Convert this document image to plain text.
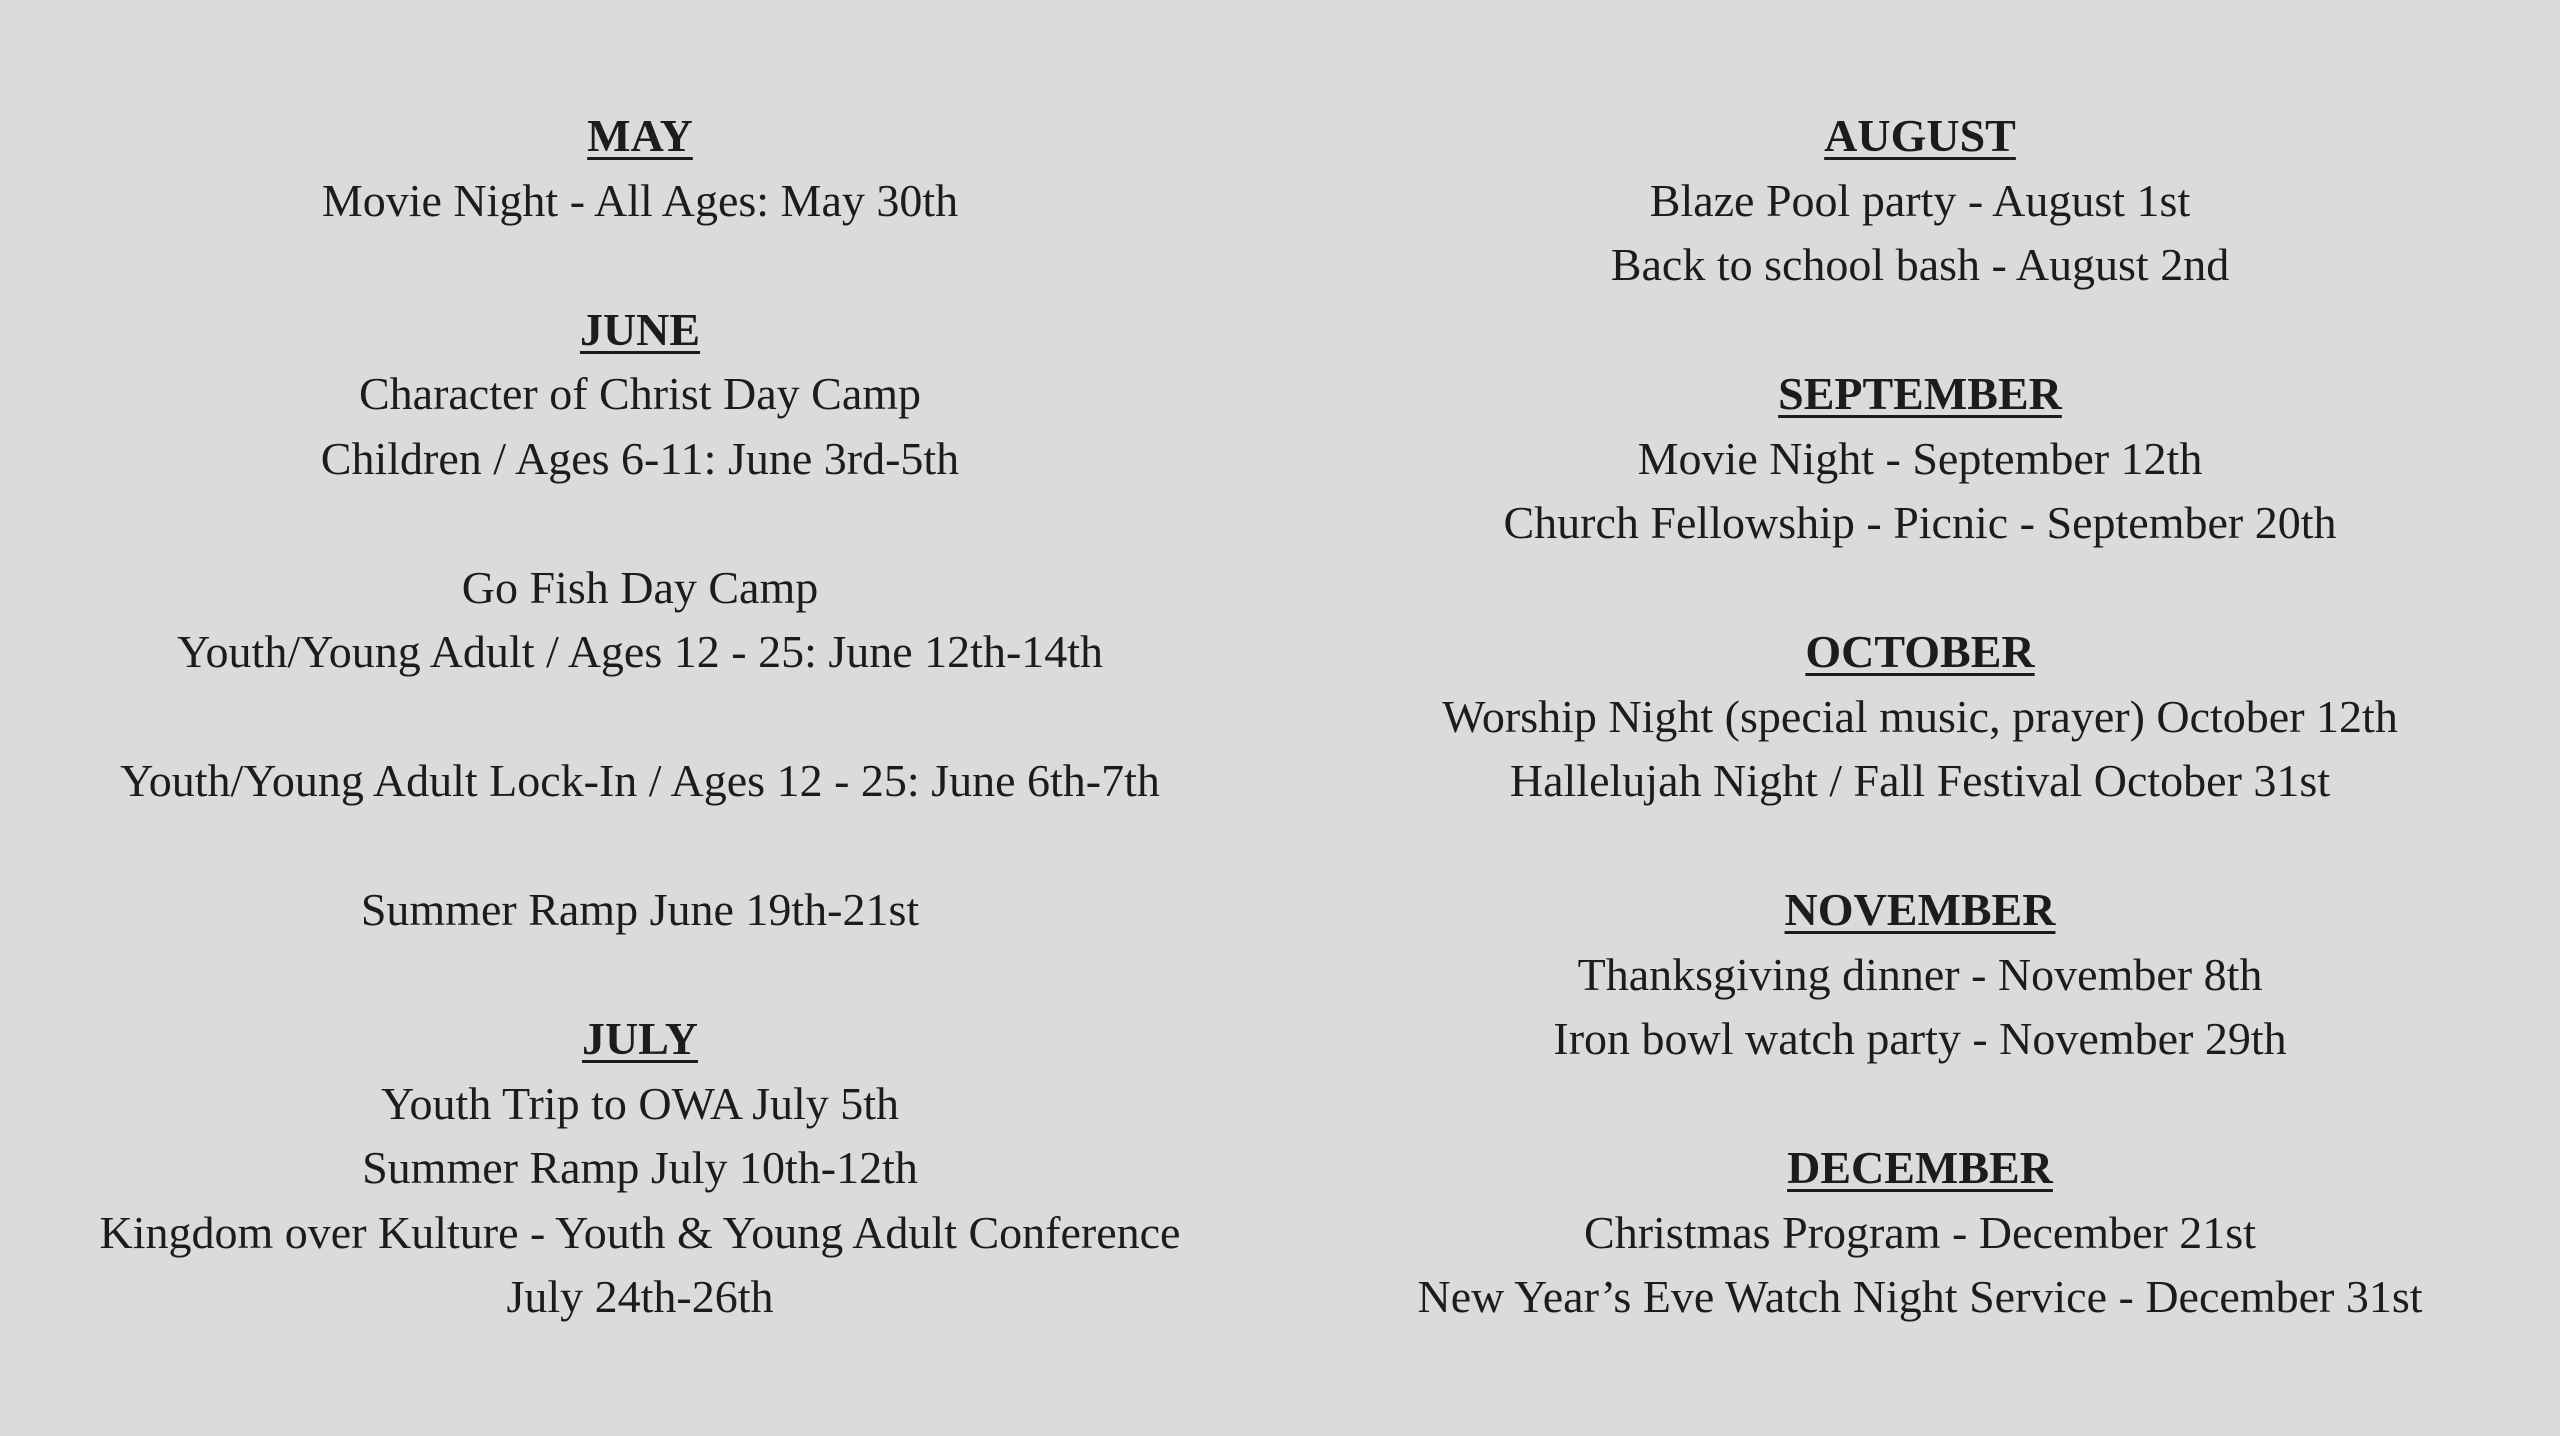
MAY
Movie Night - All Ages: May 30th
JUNE
Character of Christ Day Camp
Children / Ages 6-11: June 3rd-5th
Go Fish Day Camp
Youth/Young Adult / Ages 12 - 25: June 12th-14th
Youth/Young Adult Lock-In / Ages 12 - 25: June 6th-7th
Summer Ramp June 19th-21st
JULY
Youth Trip to OWA July 5th
Summer Ramp July 10th-12th
Kingdom over Kulture - Youth & Young Adult Conference
July 24th-26th
AUGUST
Blaze Pool party - August 1st
Back to school bash - August 2nd
SEPTEMBER
Movie Night - September 12th
Church Fellowship - Picnic - September 20th
OCTOBER
Worship Night (special music, prayer) October 12th
Hallelujah Night / Fall Festival October 31st
NOVEMBER
Thanksgiving dinner - November 8th
Iron bowl watch party - November 29th
DECEMBER
Christmas Program - December 21st
New Year’s Eve Watch Night Service - December 31st
